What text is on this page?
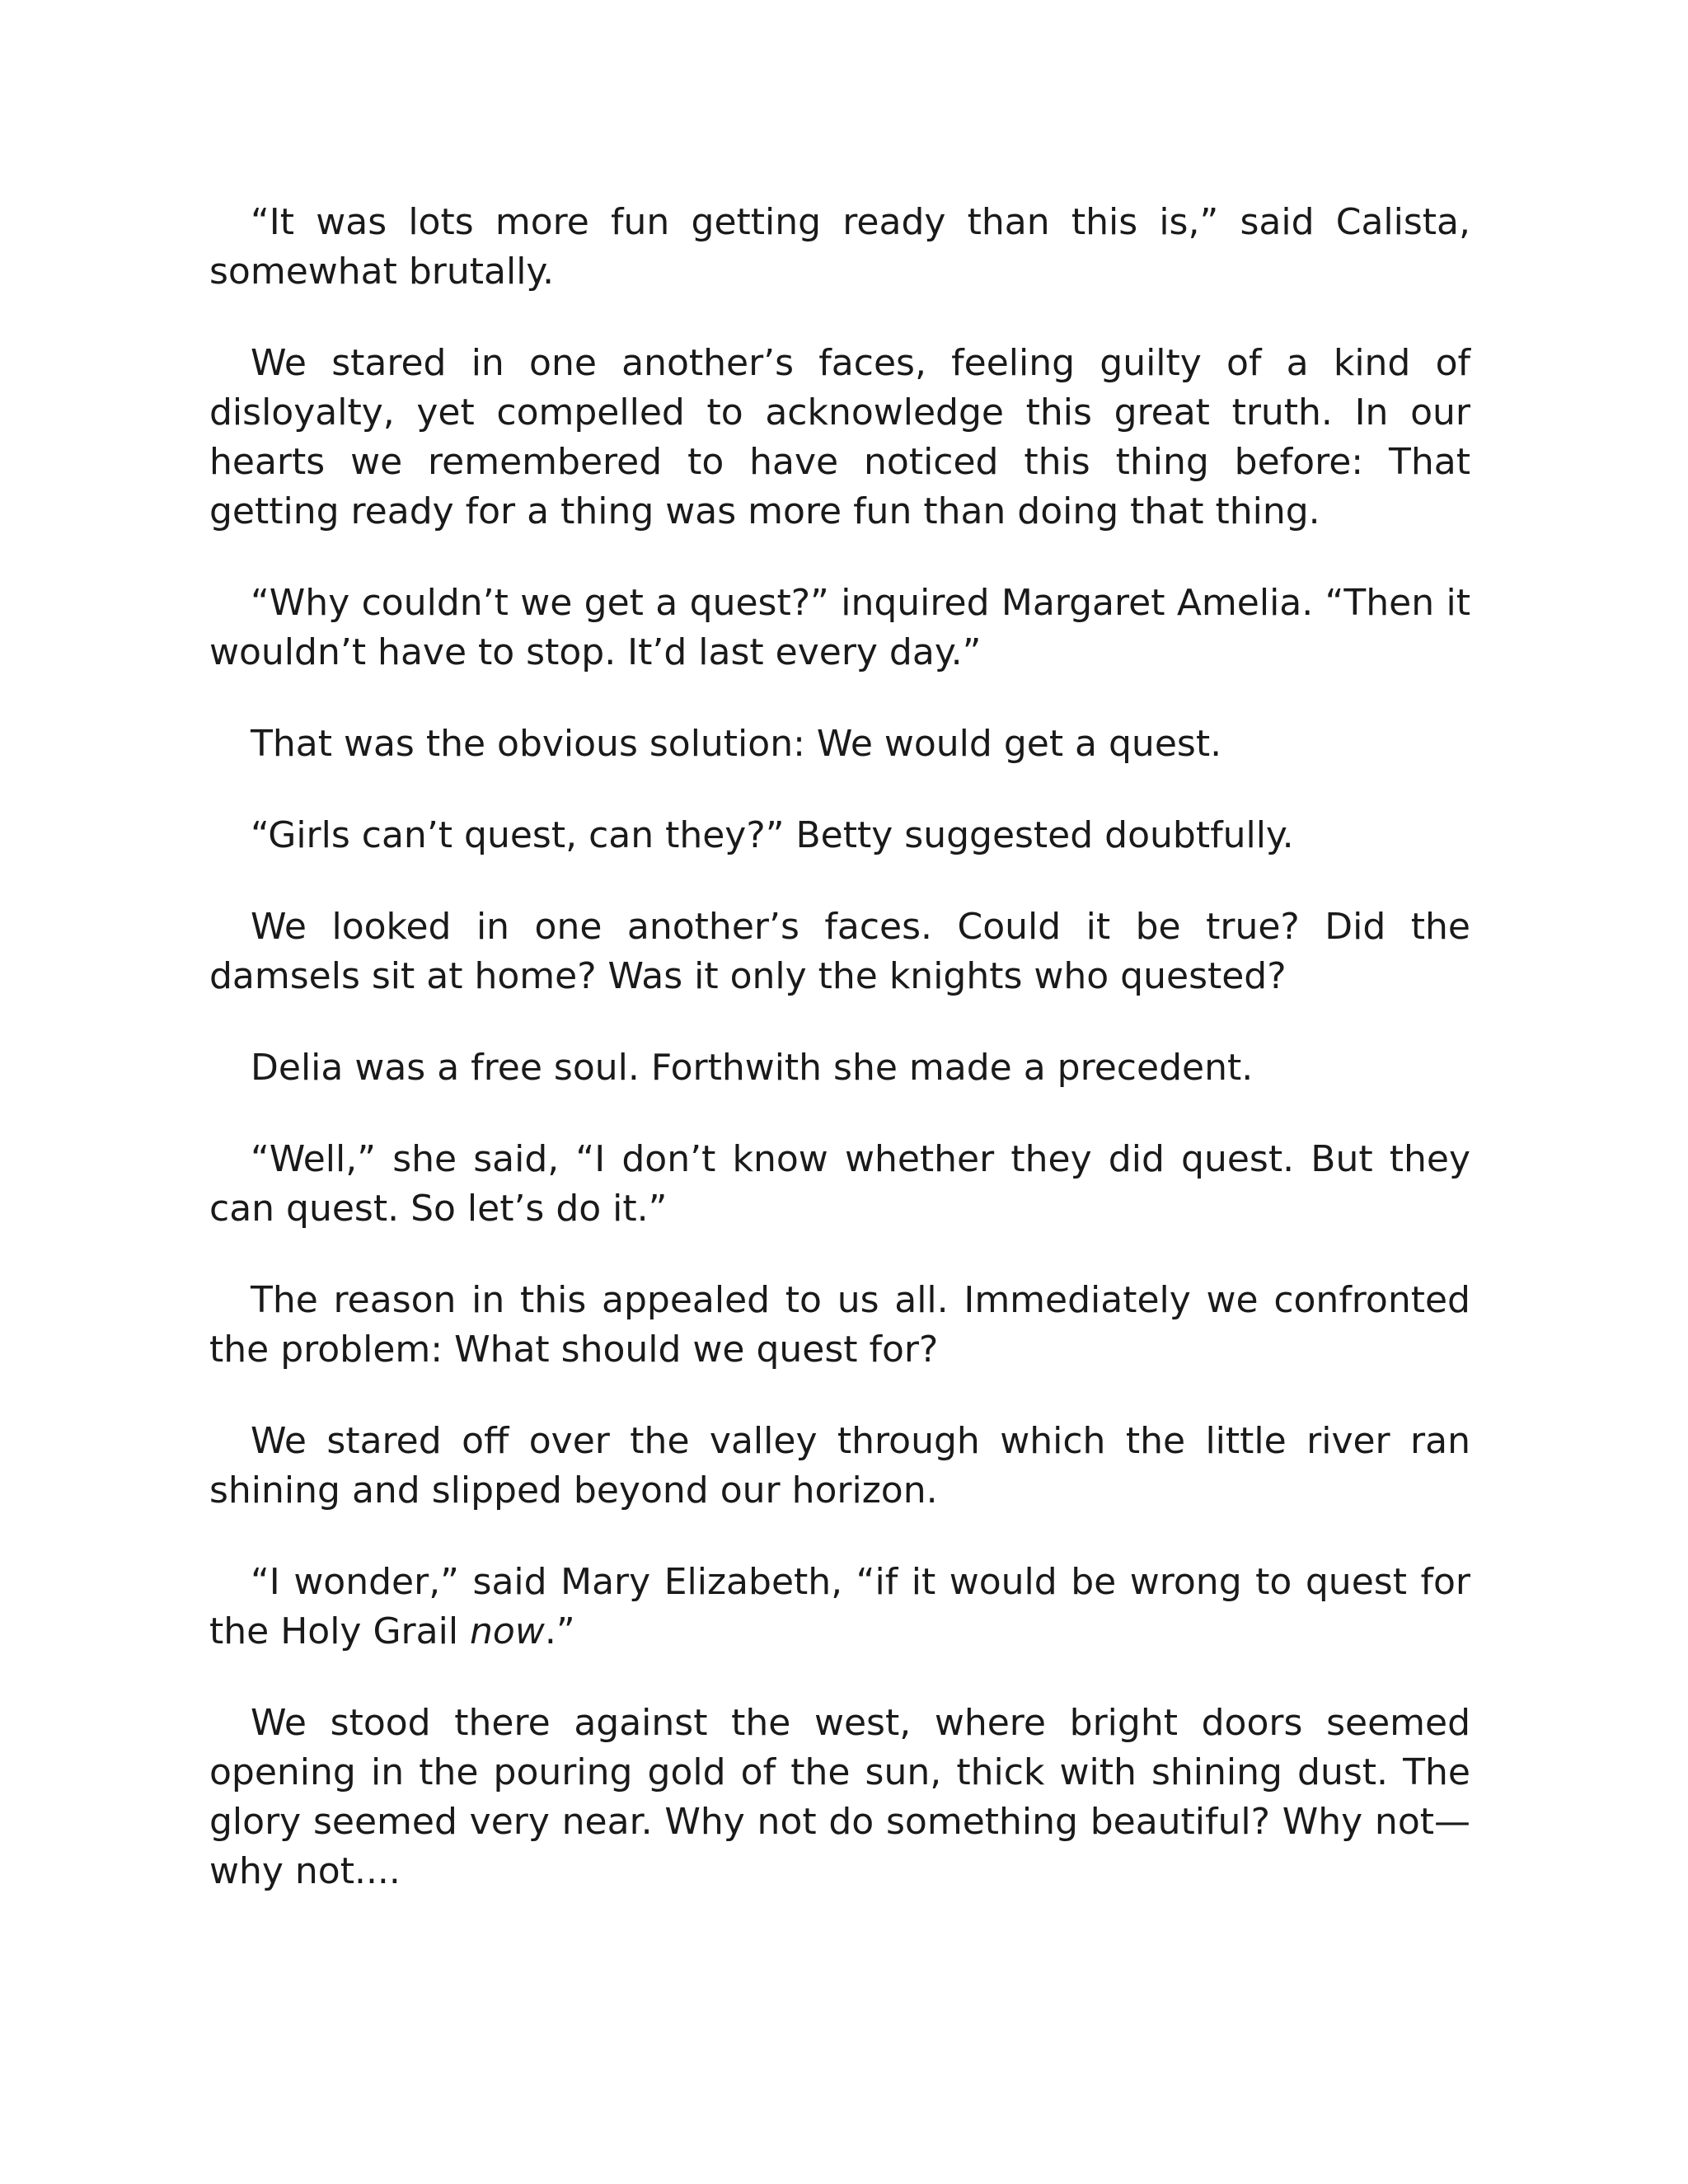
“It was lots more fun getting ready than this is,” said Calista, somewhat brutally.

We stared in one another’s faces, feeling guilty of a kind of disloyalty, yet compelled to acknowledge this great truth. In our hearts we remembered to have noticed this thing before: That getting ready for a thing was more fun than doing that thing.

“Why couldn’t we get a quest?” inquired Margaret Amelia. “Then it wouldn’t have to stop. It’d last every day.”

That was the obvious solution: We would get a quest.

“Girls can’t quest, can they?” Betty suggested doubtfully.

We looked in one another’s faces. Could it be true? Did the damsels sit at home? Was it only the knights who quested?

Delia was a free soul. Forthwith she made a precedent.

“Well,” she said, “I don’t know whether they did quest. But they can quest. So let’s do it.”

The reason in this appealed to us all. Immediately we confronted the problem: What should we quest for?

We stared off over the valley through which the little river ran shining and slipped beyond our horizon.

“I wonder,” said Mary Elizabeth, “if it would be wrong to quest for the Holy Grail now.”

We stood there against the west, where bright doors seemed opening in the pouring gold of the sun, thick with shining dust. The glory seemed very near. Why not do something beautiful? Why not—why not....
